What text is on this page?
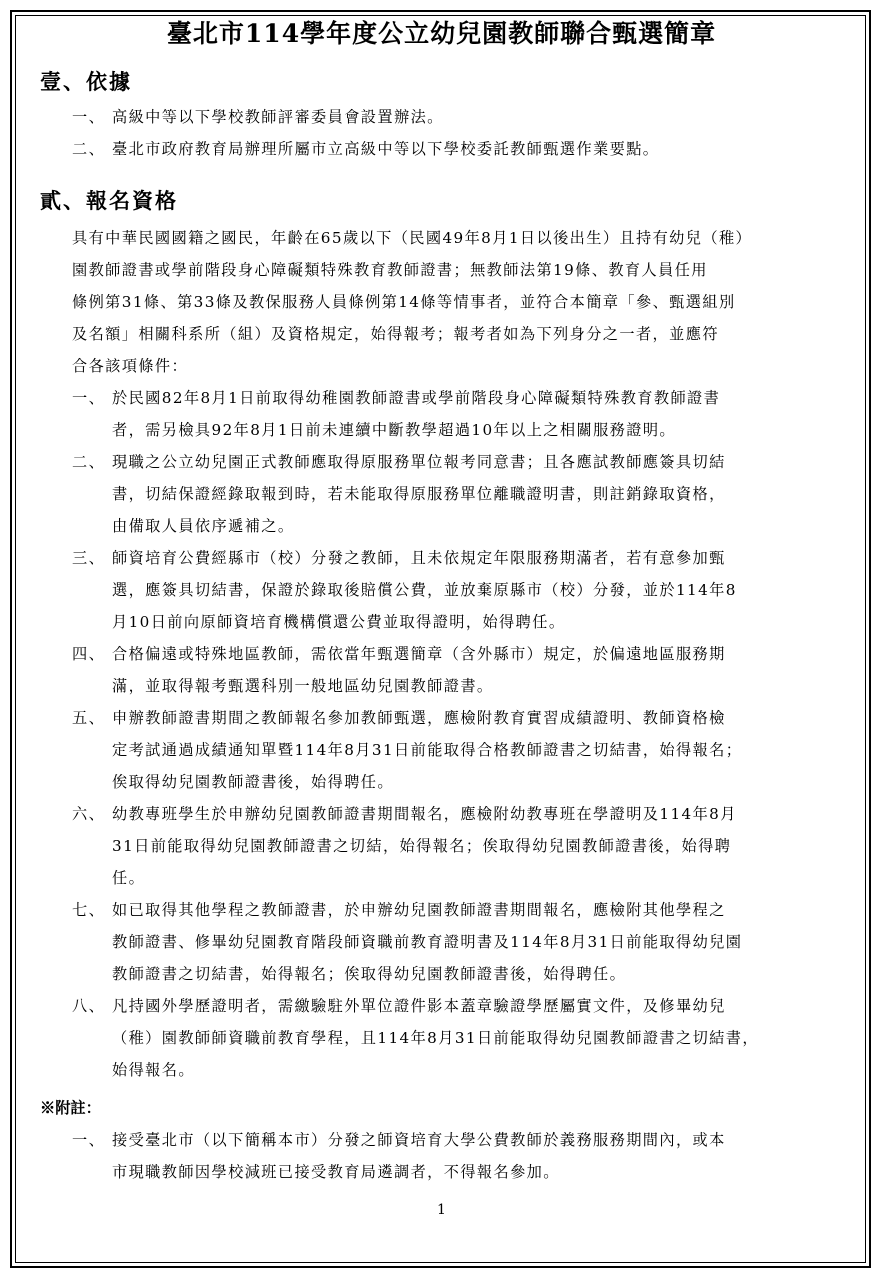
臺北市114學年度公立幼兒園教師聯合甄選簡章
壹、依據
一、 高級中等以下學校教師評審委員會設置辦法。
二、 臺北市政府教育局辦理所屬市立高級中等以下學校委託教師甄選作業要點。
貳、報名資格
具有中華民國國籍之國民，年齡在65歲以下（民國49年8月1日以後出生）且持有幼兒（稚）
園教師證書或學前階段身心障礙類特殊教育教師證書；無教師法第19條、教育人員任用
條例第31條、第33條及教保服務人員條例第14條等情事者，並符合本簡章「參、甄選組別
及名額」相關科系所（組）及資格規定，始得報考；報考者如為下列身分之一者，並應符
合各該項條件：
一、 於民國82年8月1日前取得幼稚園教師證書或學前階段身心障礙類特殊教育教師證書
者，需另檢具92年8月1日前未連續中斷教學超過10年以上之相關服務證明。
二、 現職之公立幼兒園正式教師應取得原服務單位報考同意書；且各應試教師應簽具切結
書，切結保證經錄取報到時，若未能取得原服務單位離職證明書，則註銷錄取資格，
由備取人員依序遞補之。
三、 師資培育公費經縣市（校）分發之教師，且未依規定年限服務期滿者，若有意參加甄
選，應簽具切結書，保證於錄取後賠償公費，並放棄原縣市（校）分發，並於114年8
月10日前向原師資培育機構償還公費並取得證明，始得聘任。
四、 合格偏遠或特殊地區教師，需依當年甄選簡章（含外縣市）規定，於偏遠地區服務期
滿，並取得報考甄選科別一般地區幼兒園教師證書。
五、 申辦教師證書期間之教師報名參加教師甄選，應檢附教育實習成績證明、教師資格檢
定考試通過成績通知單暨114年8月31日前能取得合格教師證書之切結書，始得報名；
俟取得幼兒園教師證書後，始得聘任。
六、 幼教專班學生於申辦幼兒園教師證書期間報名，應檢附幼教專班在學證明及114年8月
31日前能取得幼兒園教師證書之切結，始得報名；俟取得幼兒園教師證書後，始得聘
任。
七、 如已取得其他學程之教師證書，於申辦幼兒園教師證書期間報名，應檢附其他學程之
教師證書、修畢幼兒園教育階段師資職前教育證明書及114年8月31日前能取得幼兒園
教師證書之切結書，始得報名；俟取得幼兒園教師證書後，始得聘任。
八、 凡持國外學歷證明者，需繳驗駐外單位證件影本蓋章驗證學歷屬實文件，及修畢幼兒
（稚）園教師師資職前教育學程，且114年8月31日前能取得幼兒園教師證書之切結書，
始得報名。
※附註：
一、 接受臺北市（以下簡稱本市）分發之師資培育大學公費教師於義務服務期間內，或本
市現職教師因學校減班已接受教育局遴調者，不得報名參加。
1
